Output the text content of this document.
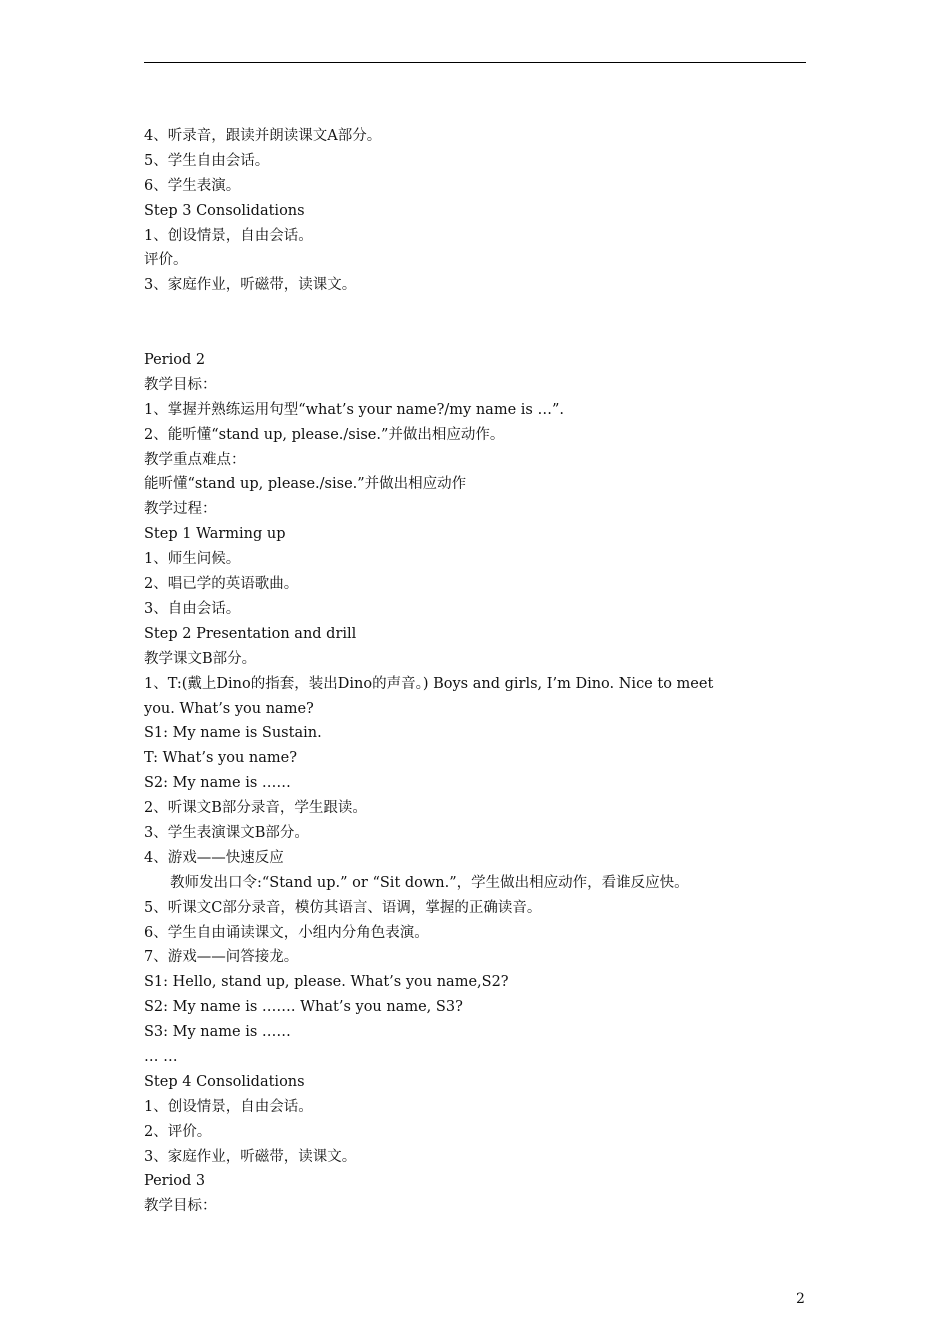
4、听录音，跟读并朗读课文A部分。
5、学生自由会话。
6、学生表演。
Step 3 Consolidations
1、创设情景，自由会话。
评价。
3、家庭作业，听磁带，读课文。
Period 2
教学目标：
1、掌握并熟练运用句型“what’s your name?/my name is …”.
2、能听懂“stand up, please./sise.”并做出相应动作。
教学重点难点：
能听懂“stand up, please./sise.”并做出相应动作
教学过程：
Step 1 Warming up
1、师生问候。
2、唱已学的英语歌曲。
3、自由会话。
Step 2 Presentation and drill
教学课文B部分。
1、T:(戴上Dino的指套，装出Dino的声音。) Boys and girls, I’m Dino. Nice to meet
you. What’s you name?
S1: My name is Sustain.
T: What’s you name?
S2: My name is ……
2、听课文B部分录音，学生跟读。
3、学生表演课文B部分。
4、游戏——快速反应
教师发出口令:“Stand up.” or “Sit down.”，学生做出相应动作，看谁反应快。
5、听课文C部分录音，模仿其语言、语调，掌握的正确读音。
6、学生自由诵读课文，小组内分角色表演。
7、游戏——问答接龙。
S1: Hello, stand up, please. What’s you name,S2?
S2: My name is ……. What’s you name, S3?
S3: My name is ……
… …
Step 4 Consolidations
1、创设情景，自由会话。
2、评价。
3、家庭作业，听磁带，读课文。
Period 3
教学目标：
2
